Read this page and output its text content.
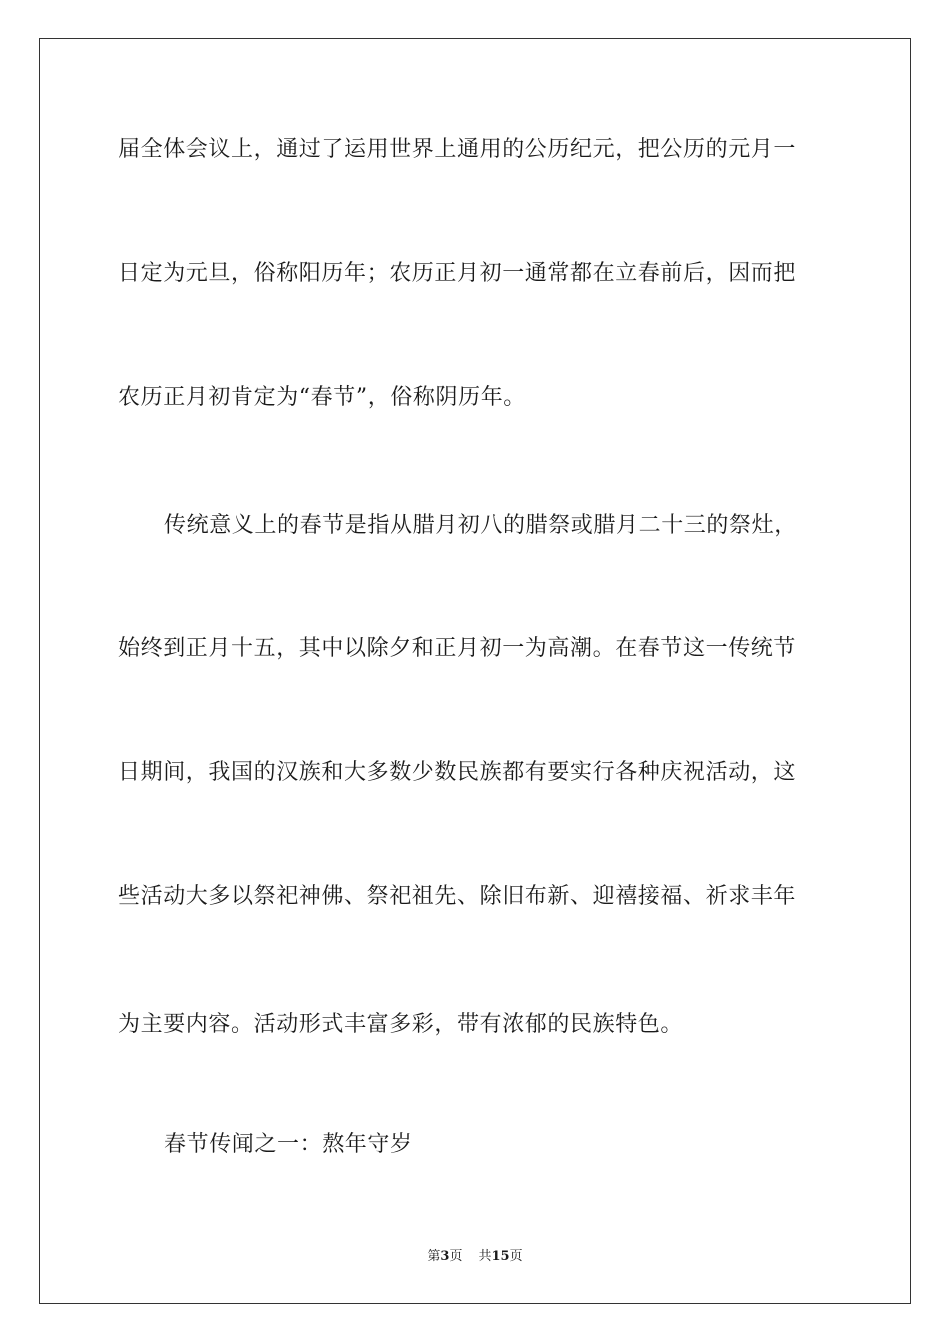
届全体会议上，通过了运用世界上通用的公历纪元，把公历的元月一
日定为元旦，俗称阳历年；农历正月初一通常都在立春前后，因而把
农历正月初肯定为“春节”，俗称阴历年。
传统意义上的春节是指从腊月初八的腊祭或腊月二十三的祭灶，
始终到正月十五，其中以除夕和正月初一为高潮。在春节这一传统节
日期间，我国的汉族和大多数少数民族都有要实行各种庆祝活动，这
些活动大多以祭祀神佛、祭祀祖先、除旧布新、迎禧接福、祈求丰年
为主要内容。活动形式丰富多彩，带有浓郁的民族特色。
春节传闻之一：熬年守岁
第3页 共15页
